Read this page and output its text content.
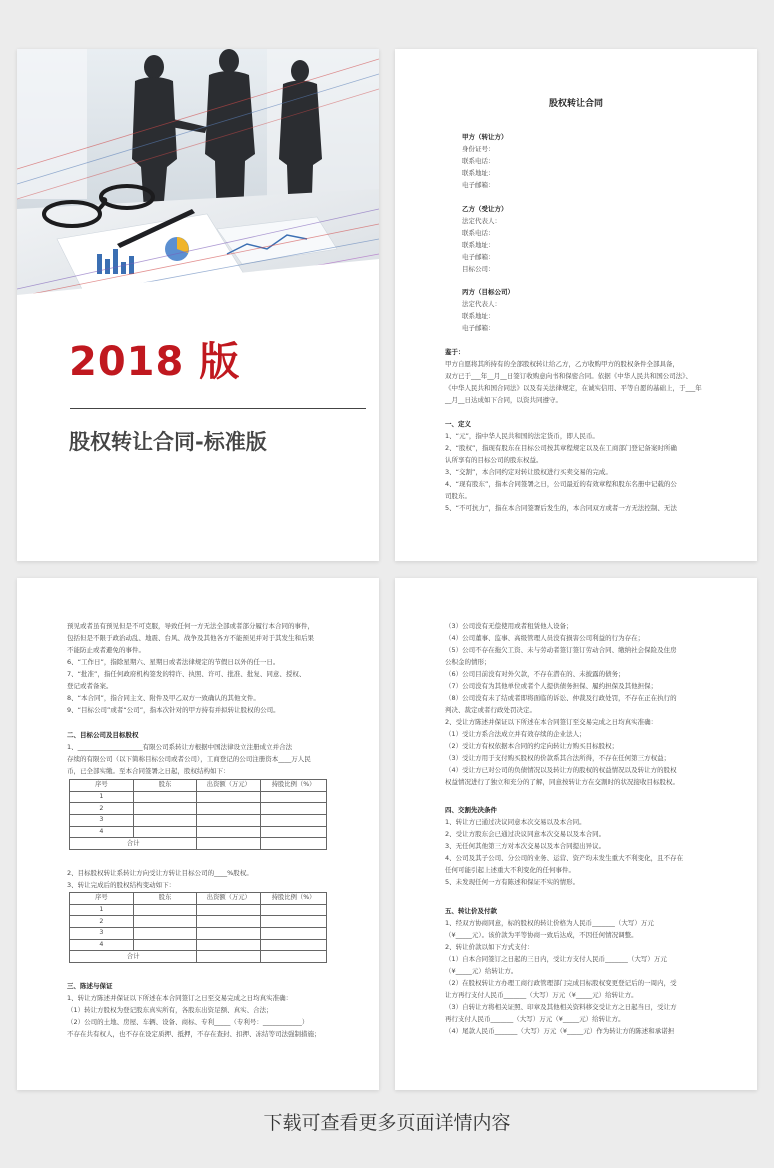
2018 版
股权转让合同-标准版
股权转让合同
甲方（转让方）
身份证号：
联系电话：
联系地址：
电子邮箱：
乙方（受让方）
法定代表人：
联系电话：
联系地址：
电子邮箱：
目标公司：
丙方（目标公司）
法定代表人：
联系地址：
电子邮箱：
鉴于：

甲方自愿将其所持有的全部股权转让给乙方，乙方收购甲方的股权条件全部具备，

双方已于___年__月__日签订收购意向书和保密合同。依据《中华人民共和国公司法》、

《中华人民共和国合同法》以及有关法律规定，在诚实信用、平等自愿的基础上，于___年

__月__日达成如下合同，以资共同遵守。

一、定义

1、“元”，指中华人民共和国的法定货币，即人民币。

2、“股权”，指现有股东在目标公司按其章程规定以及在工商部门登记备案时所确

认所享有的目标公司的股东权益。

3、“交割”，本合同约定对转让股权进行买卖交易的完成。

4、“现有股东”，指本合同签署之日，公司最近的有效章程和股东名册中记载的公

司股东。

5、“不可抗力”，指在本合同签署后发生的，本合同双方或者一方无法控制、无法

预见或者虽有预见但是不可克服，导致任何一方无法全部或者部分履行本合同的事件，

包括但是不限于政治动乱、地震、台风、战争及其他各方不能预见并对于其发生和后果

不能防止或者避免的事件。

6、“工作日”，指除星期六、星期日或者法律规定的节假日以外的任一日。

7、“批准”，指任何政府机构签发的特许、执照、许可、批准、批复、同意、授权、

登记或者备案。

8、“本合同”，指合同主文、附件及甲乙双方一致确认的其他文件。

9、“目标公司”或者“公司”，指本次针对的甲方持有并拟转让股权的公司。

二、目标公司及目标股权

1、____________________有限公司系转让方根据中国法律设立注册成立并合法

存续的有限公司（以下简称目标公司或者公司），工商登记的公司注册资本____万人民

币，已全部实缴。至本合同签署之日起，股权结构如下：

序号	股东	出资额（万元）	持股比例（%）
1			
2			
3			
4			
合计			

2、目标股权转让系转让方向受让方转让目标公司的____%股权。

3、转让完成后的股权结构变动如下：

序号	股东	出资额（万元）	持股比例（%）
1			
2			
3			
4			
合计			
三、陈述与保证

1、转让方陈述并保证以下所述在本合同签订之日至交易完成之日均真实准确：

（1）转让方股权为登记股东真实所有，各股东出资足额、真实、合法；

（2）公司的土地、房屋、车辆、设备、商标、专利_____（专利号：____________）

不存在共有权人，也不存在设定质押、抵押，不存在查封、扣押、冻结等司法强制措施；

（3）公司没有无偿使用或者租赁他人设备；

（4）公司董事、监事、高级管理人员没有损害公司利益的行为存在；

（5）公司不存在拖欠工资、未与劳动者签订签订劳动合同、缴纳社会保险及住房

公积金的情形；

（6）公司目前没有对外欠款，不存在潜在的、未披露的债务；

（7）公司没有为其他单位或者个人提供债务担保、履约担保及其他担保；

（8）公司没有未了结或者即将面临的诉讼、仲裁及行政处罚，不存在正在执行的

判决、裁定或者行政处罚决定。

2、受让方陈述并保证以下所述在本合同签订至交易完成之日均真实准确：

（1）受让方系合法成立并有效存续的企业法人；

（2）受让方有权依据本合同的约定向转让方购买目标股权；

（3）受让方用于支付购买股权的价款系其合法所得，不存在任何第三方权益；

（4）受让方已对公司的负债情况以及转让方的股权的权益情况以及转让方的股权

权益情况进行了独立和充分的了解，同意按转让方在交割时的状况接收目标股权。

四、交割先决条件

1、转让方已通过决议同意本次交易以及本合同。

2、受让方股东会已通过决议同意本次交易以及本合同。

3、无任何其他第三方对本次交易以及本合同提出异议。

4、公司及其子公司、分公司的业务、运营、资产均未发生重大不利变化，且不存在

任何可能引起上述重大不利变化的任何事件。

5、未发现任何一方有陈述和保证不实的情形。

五、转让价及付款

1、经双方协商同意，标的股权的转让价格为人民币_______（大写）万元

（¥_____元）。该价款为平等协商一致后达成，不因任何情况调整。

2、转让价款以如下方式支付：

（1）自本合同签订之日起的三日内，受让方支付人民币_______（大写）万元

（¥_____元）给转让方。

（2）在股权转让方办理工商行政管理部门完成目标股权变更登记后的一周内，受

让方再行支付人民币_______（大写）万元（¥_____元）给转让方。

（3）自转让方将相关证照、印章及其他相关资料移交受让方之日起当日，受让方

再行支付人民币_______（大写）万元（¥_____元）给转让方。

（4）尾款人民币_______（大写）万元（¥_____元）作为转让方的陈述和承诺担

下载可查看更多页面详情内容
